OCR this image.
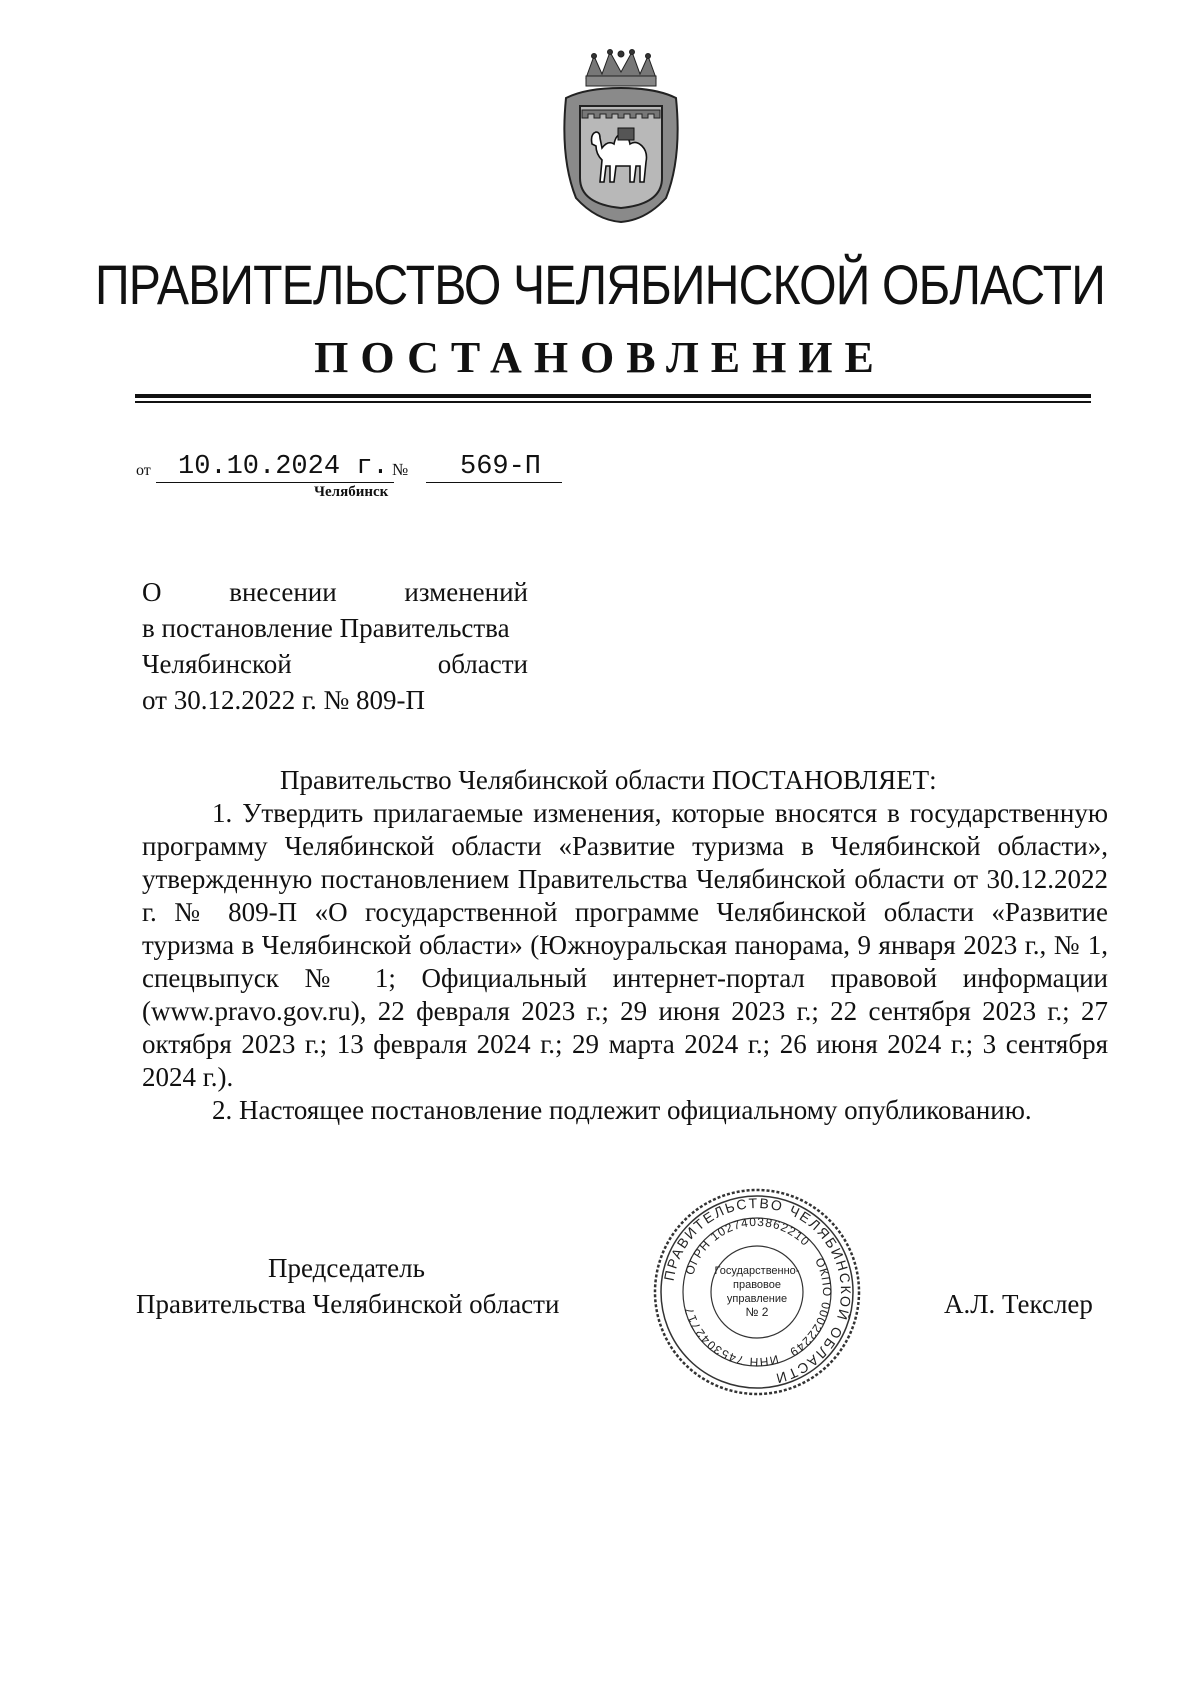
ПРАВИТЕЛЬСТВО ЧЕЛЯБИНСКОЙ ОБЛАСТИ
ПОСТАНОВЛЕНИЕ
от 10.10.2024 г. № 569-П
Челябинск
О внесении изменений
в постановление Правительства
Челябинской области
от 30.12.2022 г. № 809-П

Правительство Челябинской области ПОСТАНОВЛЯЕТ:

1. Утвердить прилагаемые изменения, которые вносятся в государственную программу Челябинской области «Развитие туризма в Челябинской области», утвержденную постановлением Правительства Челябинской области от 30.12.2022 г. № 809-П «О государственной программе Челябинской области «Развитие туризма в Челябинской области» (Южноуральская панорама, 9 января 2023 г., № 1, спецвыпуск № 1; Официальный интернет-портал правовой информации (www.pravo.gov.ru), 22 февраля 2023 г.; 29 июня 2023 г.; 22 сентября 2023 г.; 27 октября 2023 г.; 13 февраля 2024 г.; 29 марта 2024 г.; 26 июня 2024 г.; 3 сентября 2024 г.).

2. Настоящее постановление подлежит официальному опубликованию.

Председатель
Правительства Челябинской области	А.Л. Текслер
ПРАВИТЕЛЬСТВО ЧЕЛЯБИНСКОЙ ОБЛАСТИ
ОГРН 1027403862210
ОКПО 00022249
ИНН 7453042717
Государственно-
правовое
управление
№ 2
